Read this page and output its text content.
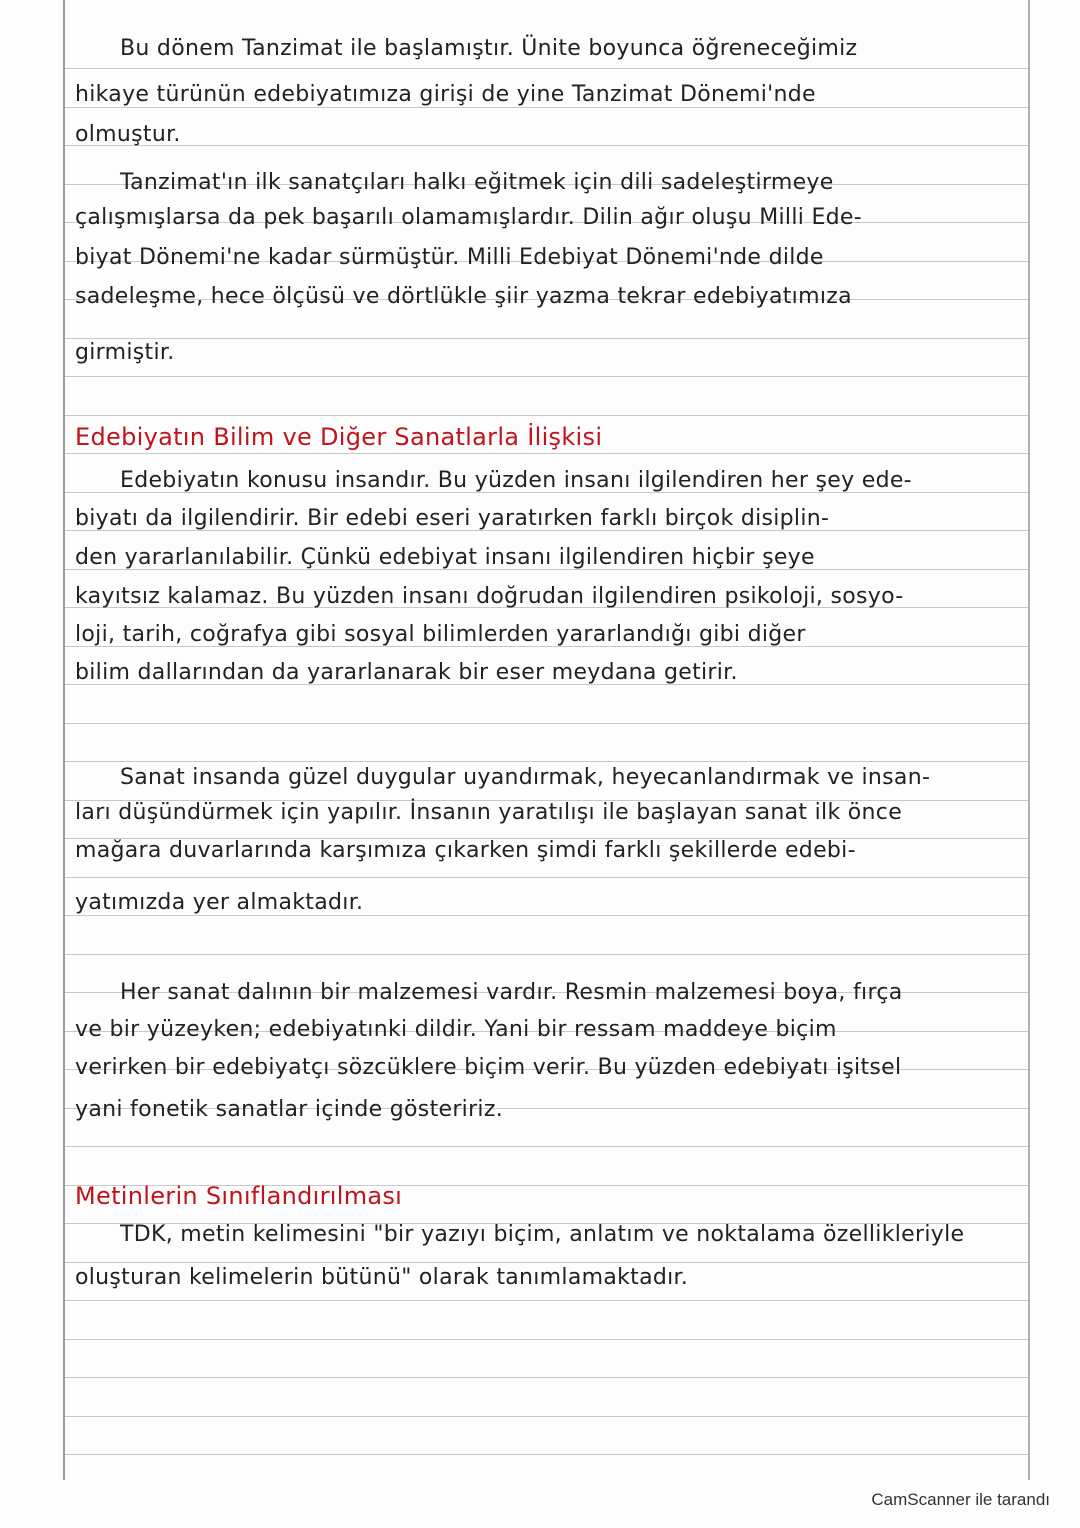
Bu dönem Tanzimat ile başlamıştır. Ünite boyunca öğreneceğimiz
hikaye türünün edebiyatımıza girişi de yine Tanzimat Dönemi'nde
olmuştur.
Tanzimat'ın ilk sanatçıları halkı eğitmek için dili sadeleştirmeye
çalışmışlarsa da pek başarılı olamamışlardır. Dilin ağır oluşu Milli Ede-
biyat Dönemi'ne kadar sürmüştür. Milli Edebiyat Dönemi'nde dilde
sadeleşme, hece ölçüsü ve dörtlükle şiir yazma tekrar edebiyatımıza
girmiştir.
Edebiyatın Bilim ve Diğer Sanatlarla İlişkisi
Edebiyatın konusu insandır. Bu yüzden insanı ilgilendiren her şey ede-
biyatı da ilgilendirir. Bir edebi eseri yaratırken farklı birçok disiplin-
den yararlanılabilir. Çünkü edebiyat insanı ilgilendiren hiçbir şeye
kayıtsız kalamaz. Bu yüzden insanı doğrudan ilgilendiren psikoloji, sosyo-
loji, tarih, coğrafya gibi sosyal bilimlerden yararlandığı gibi diğer
bilim dallarından da yararlanarak bir eser meydana getirir.
Sanat insanda güzel duygular uyandırmak, heyecanlandırmak ve insan-
ları düşündürmek için yapılır. İnsanın yaratılışı ile başlayan sanat ilk önce
mağara duvarlarında karşımıza çıkarken şimdi farklı şekillerde edebi-
yatımızda yer almaktadır.
Her sanat dalının bir malzemesi vardır. Resmin malzemesi boya, fırça
ve bir yüzeyken; edebiyatınki dildir. Yani bir ressam maddeye biçim
verirken bir edebiyatçı sözcüklere biçim verir. Bu yüzden edebiyatı işitsel
yani fonetik sanatlar içinde gösteririz.
Metinlerin Sınıflandırılması
TDK, metin kelimesini "bir yazıyı biçim, anlatım ve noktalama özellikleriyle
oluşturan kelimelerin bütünü" olarak tanımlamaktadır.
CamScanner ile tarandı
